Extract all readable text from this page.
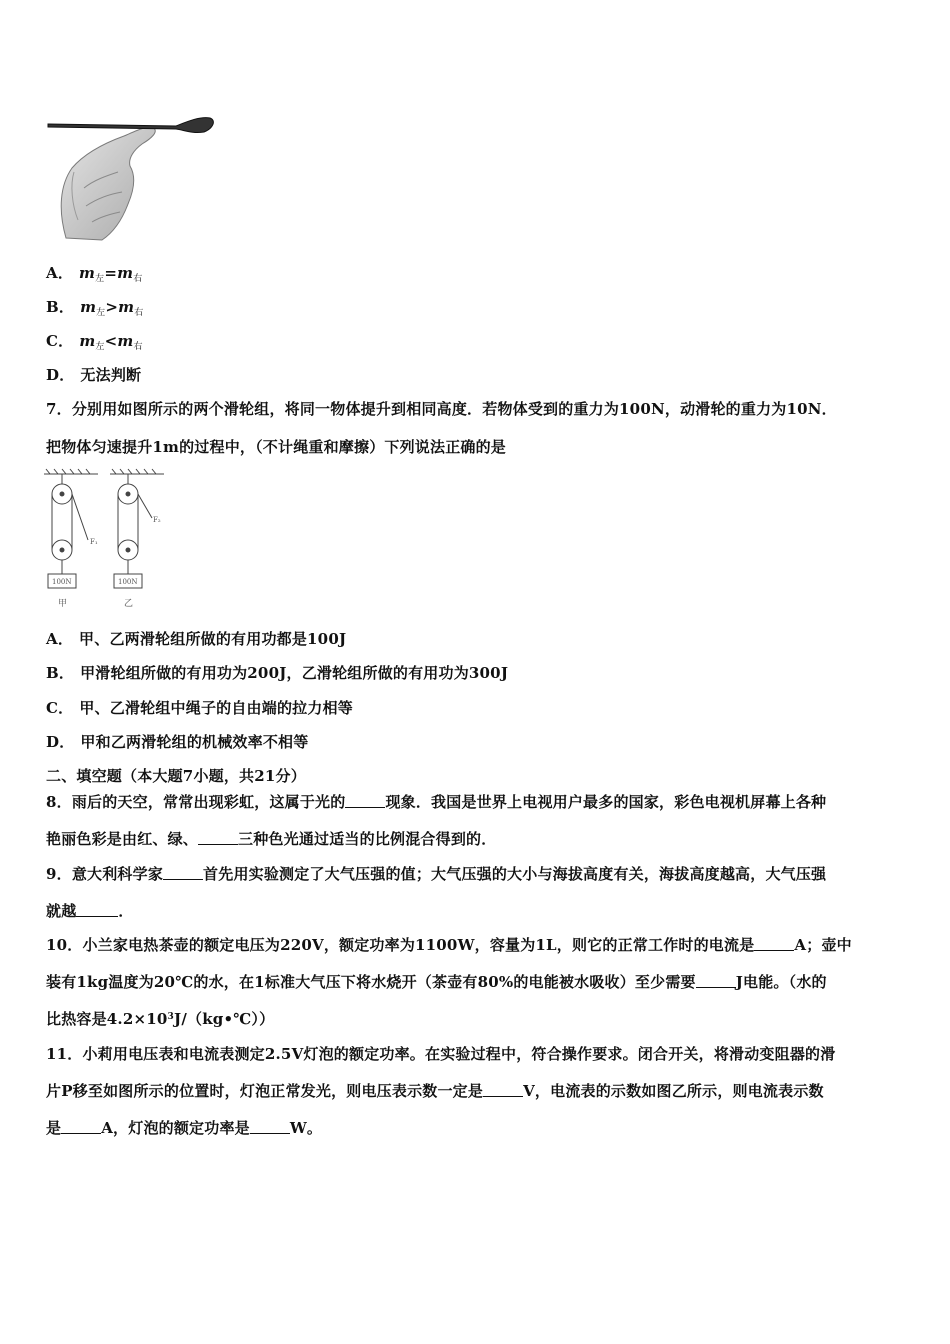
A． $m_左=m_右$
B． $m_左>m_右$
C． $m_左<m_右$
D． 无法判断
7．分别用如图所示的两个滑轮组，将同一物体提升到相同高度．若物体受到的重力为100N，动滑轮的重力为10N．
把物体匀速提升1m的过程中，（不计绳重和摩擦）下列说法正确的是
F₁
F₂
100N	100N
甲	乙
A． 甲、乙两滑轮组所做的有用功都是100J
B． 甲滑轮组所做的有用功为200J，乙滑轮组所做的有用功为300J
C． 甲、乙滑轮组中绳子的自由端的拉力相等
D． 甲和乙两滑轮组的机械效率不相等
二、填空题（本大题7小题，共21分）
8．雨后的天空，常常出现彩虹，这属于光的	现象．我国是世界上电视用户最多的国家，彩色电视机屏幕上各种
艳丽色彩是由红、绿、	三种色光通过适当的比例混合得到的．
9．意大利科学家	首先用实验测定了大气压强的值；大气压强的大小与海拔高度有关，海拔高度越高，大气压强
就越	．
10．小兰家电热茶壶的额定电压为220V，额定功率为1100W，容量为1L，则它的正常工作时的电流是	A；壶中
装有1kg温度为20℃的水，在1标准大气压下将水烧开（茶壶有80%的电能被水吸收）至少需要	J电能。（水的
比热容是$4.2\times 10^3J/(kg•℃)$）
11．小莉用电压表和电流表测定2.5V灯泡的额定功率。在实验过程中，符合操作要求。闭合开关，将滑动变阻器的滑
片P移至如图所示的位置时，灯泡正常发光，则电压表示数一定是	V，电流表的示数如图乙所示，则电流表示数
是	A，灯泡的额定功率是	W。
